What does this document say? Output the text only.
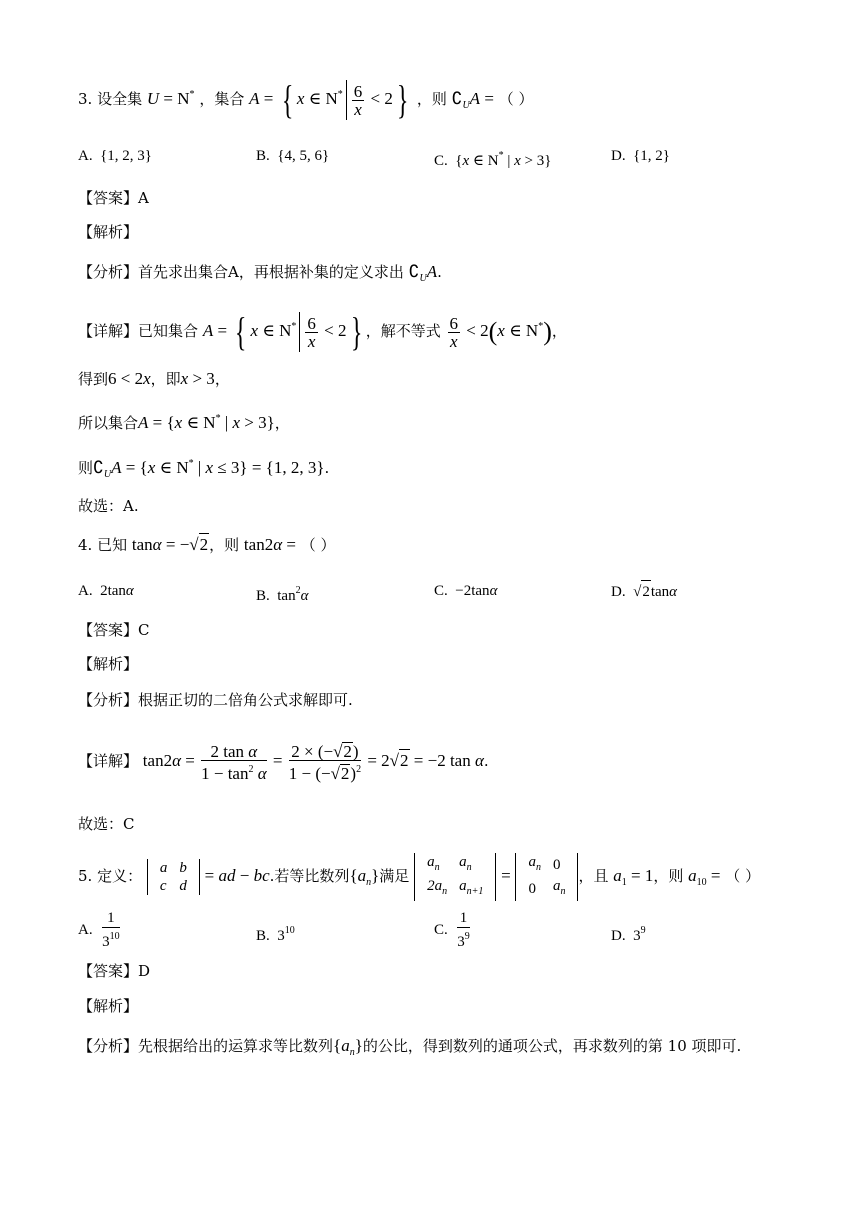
3. 设全集 U = N* ，集合 A = { x ∈ $N^* \frac{6}{x} < 2$} ，则 $∁_UA$ = （ ）
A.  {1, 2, 3}	B.  {4, 5, 6}	C.  {x ∈ N* | x > 3}	D.  {1, 2}
【答案】A
【解析】
【分析】首先求出集合A，再根据补集的定义求出 $∁_UA$.
【详解】已知集合 A = { x ∈ $N^* \frac{6}{x} < 2$} ，解不等式 $\frac{6}{x} < 2(x$ ∈ N*)，
得到6 < 2x，即x > 3，
所以集合A = {x ∈ N* | x > 3}，
则$∁_UA = \{x$ ∈ N* | x ≤ 3} = {1, 2, 3}.
故选：A.
4. 已知 tanα = −√2，则 tan2α = （ ）
A.  2tanα	B.  $\tan^2\alpha$	C.  −2tanα	D.  √2tanα
【答案】C
【解析】
【分析】根据正切的二倍角公式求解即可.
【详解】 $\tan 2\alpha = \frac{\text{2 tan α}}{1 - \tan^2 \alpha} = \frac{2 \times (-√2)}{1 - (-√2)^2} = 2√2 = -2$ tan α.
故选：C
5. 定义： a	b
c	d
= ad − bc.若等比数列$\{a_n\}$满足
$a_n$	$a_n$
$2a_n$	$a_{n+1}$
=
$a_n$	0
0	$a_n$
，且 $a_1 = 1$，则 $a_{10}$ = （ ）
A. $\frac{1}{3^{10}}$	B.  $3^{10}$	C. $\frac{1}{3^9}$	D.  $3^9$
【答案】D
【解析】
【分析】先根据给出的运算求等比数列$\{a_n\}$的公比，得到数列的通项公式，再求数列的第 10 项即可.
